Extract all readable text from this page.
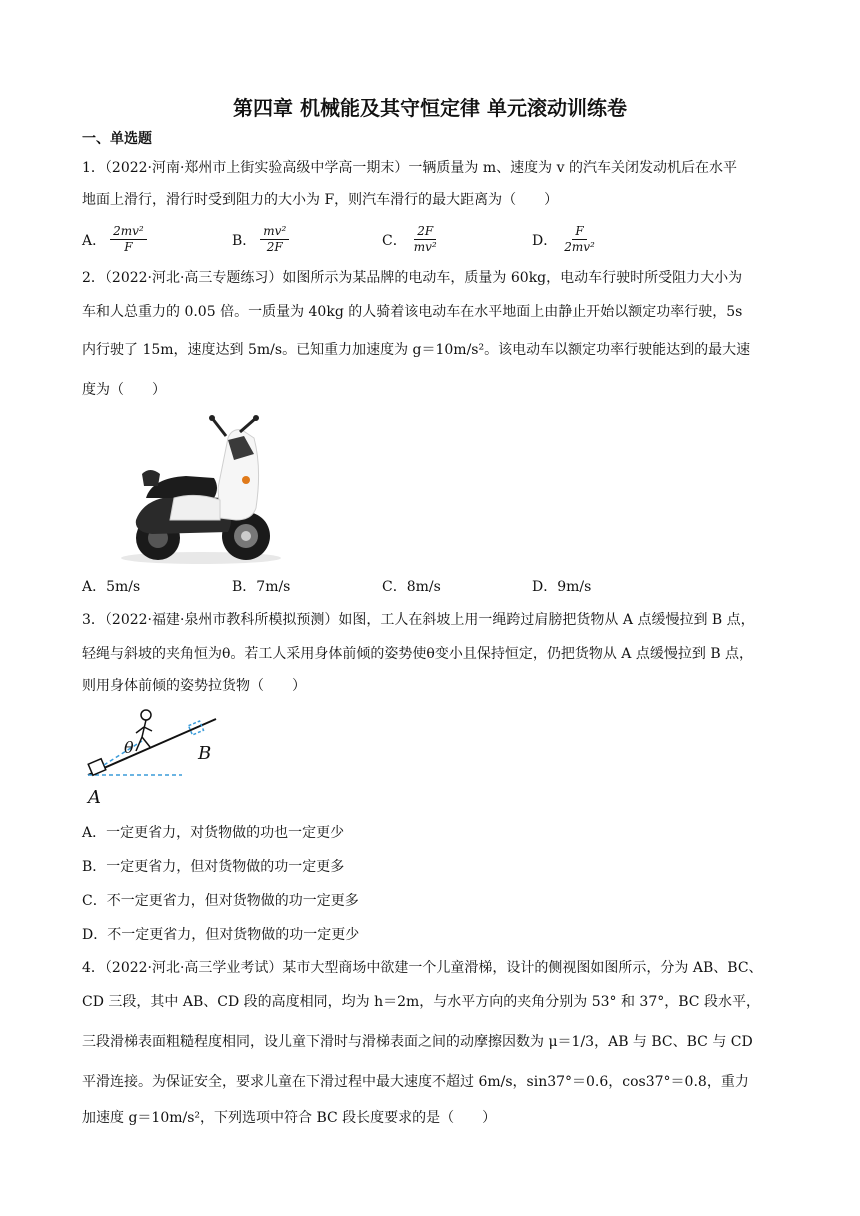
第四章 机械能及其守恒定律 单元滚动训练卷
一、单选题
1．（2022·河南·郑州市上街实验高级中学高一期末）一辆质量为 m、速度为 v 的汽车关闭发动机后在水平
地面上滑行，滑行时受到阻力的大小为 F，则汽车滑行的最大距离为（　　）
A． $\frac{\text{2mv²}}{F}$	B． $\frac{\text{mv²}}{2F}$	C． $\frac{2F}{\text{mv²}}$	D． $\frac{F}{\text{2mv²}}$
2．（2022·河北·高三专题练习）如图所示为某品牌的电动车，质量为 60kg，电动车行驶时所受阻力大小为
车和人总重力的 0.05 倍。一质量为 40kg 的人骑着该电动车在水平地面上由静止开始以额定功率行驶，5s
内行驶了 15m，速度达到 5m/s。已知重力加速度为 g＝10m/s²。该电动车以额定功率行驶能达到的最大速
度为（　　）
A．5m/s	B．7m/s	C．8m/s	D．9m/s
3．（2022·福建·泉州市教科所模拟预测）如图，工人在斜坡上用一绳跨过肩膀把货物从 A 点缓慢拉到 B 点，
轻绳与斜坡的夹角恒为θ。若工人采用身体前倾的姿势使θ变小且保持恒定，仍把货物从 A 点缓慢拉到 B 点，
则用身体前倾的姿势拉货物（　　）
θ	B
A
A．一定更省力，对货物做的功也一定更少
B．一定更省力，但对货物做的功一定更多
C．不一定更省力，但对货物做的功一定更多
D．不一定更省力，但对货物做的功一定更少
4．（2022·河北·高三学业考试）某市大型商场中欲建一个儿童滑梯，设计的侧视图如图所示，分为 AB、BC、
CD 三段，其中 AB、CD 段的高度相同，均为 h＝2m，与水平方向的夹角分别为 53° 和 37°，BC 段水平，
三段滑梯表面粗糙程度相同，设儿童下滑时与滑梯表面之间的动摩擦因数为 μ＝1/3，AB 与 BC、BC 与 CD
平滑连接。为保证安全，要求儿童在下滑过程中最大速度不超过 6m/s，sin37°＝0.6，cos37°＝0.8，重力
加速度 g＝10m/s²，下列选项中符合 BC 段长度要求的是（　　）
